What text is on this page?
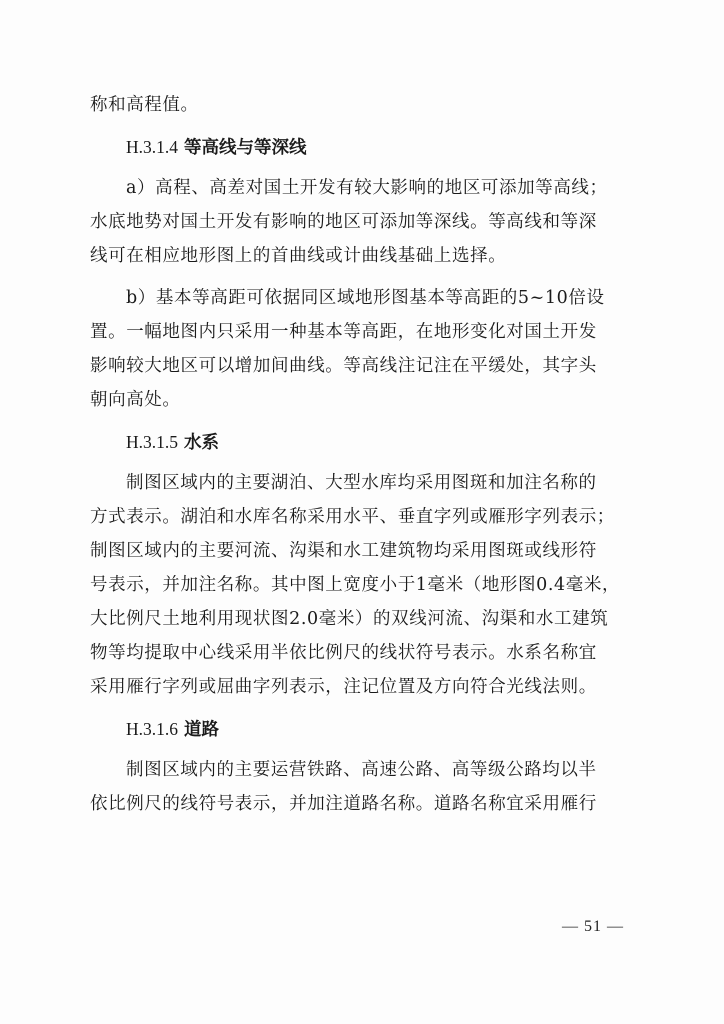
称和高程值。
H.3.1.4 等高线与等深线
a）高程、高差对国土开发有较大影响的地区可添加等高线；
水底地势对国土开发有影响的地区可添加等深线。等高线和等深
线可在相应地形图上的首曲线或计曲线基础上选择。
b）基本等高距可依据同区域地形图基本等高距的5~10倍设
置。一幅地图内只采用一种基本等高距，在地形变化对国土开发
影响较大地区可以增加间曲线。等高线注记注在平缓处，其字头
朝向高处。
H.3.1.5 水系
制图区域内的主要湖泊、大型水库均采用图斑和加注名称的
方式表示。湖泊和水库名称采用水平、垂直字列或雁形字列表示；
制图区域内的主要河流、沟渠和水工建筑物均采用图斑或线形符
号表示，并加注名称。其中图上宽度小于1毫米（地形图0.4毫米，
大比例尺土地利用现状图2.0毫米）的双线河流、沟渠和水工建筑
物等均提取中心线采用半依比例尺的线状符号表示。水系名称宜
采用雁行字列或屈曲字列表示，注记位置及方向符合光线法则。
H.3.1.6 道路
制图区域内的主要运营铁路、高速公路、高等级公路均以半
依比例尺的线符号表示，并加注道路名称。道路名称宜采用雁行
— 51 —
